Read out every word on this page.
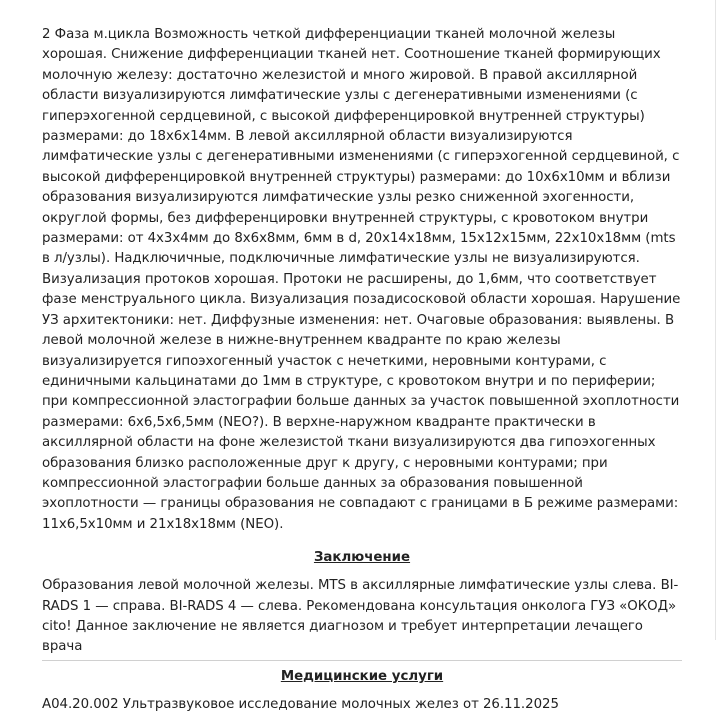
2 Фаза м.цикла Возможность четкой дифференциации тканей молочной железы хорошая. Снижение дифференциации тканей нет. Соотношение тканей формирующих молочную железу: достаточно железистой и много жировой. В правой аксиллярной области визуализируются лимфатические узлы с дегенеративными изменениями (с гиперэхогенной сердцевиной, с высокой дифференцировкой внутренней структуры) размерами: до 18x6x14мм. В левой аксиллярной области визуализируются лимфатические узлы с дегенеративными изменениями (с гиперэхогенной сердцевиной, с высокой дифференцировкой внутренней структуры) размерами: до 10x6x10мм и вблизи образования визуализируются лимфатические узлы резко сниженной эхогенности, округлой формы, без дифференцировки внутренней структуры, с кровотоком внутри размерами: от 4x3x4мм до 8x6x8мм, 6мм в d, 20x14x18мм, 15x12x15мм, 22x10x18мм (mts в л/узлы). Надключичные, подключичные лимфатические узлы не визуализируются. Визуализация протоков хорошая. Протоки не расширены, до 1,6мм, что соответствует фазе менструального цикла. Визуализация позадисосковой области хорошая. Нарушение УЗ архитектоники: нет. Диффузные изменения: нет. Очаговые образования: выявлены. В левой молочной железе в нижне-внутреннем квадранте по краю железы визуализируется гипоэхогенный участок с нечеткими, неровными контурами, с единичными кальцинатами до 1мм в структуре, с кровотоком внутри и по периферии; при компрессионной эластографии больше данных за участок повышенной эхоплотности размерами: 6x6,5x6,5мм (NEO?). В верхне-наружном квадранте практически в аксиллярной области на фоне железистой ткани визуализируются два гипоэхогенных образования близко расположенные друг к другу, с неровными контурами; при компрессионной эластографии больше данных за образования повышенной эхоплотности — границы образования не совпадают с границами в Б режиме размерами: 11x6,5x10мм и 21x18x18мм (NEO).

Заключение

Образования левой молочной железы. MTS в аксиллярные лимфатические узлы слева. BI-RADS 1 — справа. BI-RADS 4 — слева. Рекомендована консультация онколога ГУЗ «ОКОД» cito! Данное заключение не является диагнозом и требует интерпретации лечащего врача

Медицинские услуги

A04.20.002 Ультразвуковое исследование молочных желез от 26.11.2025
